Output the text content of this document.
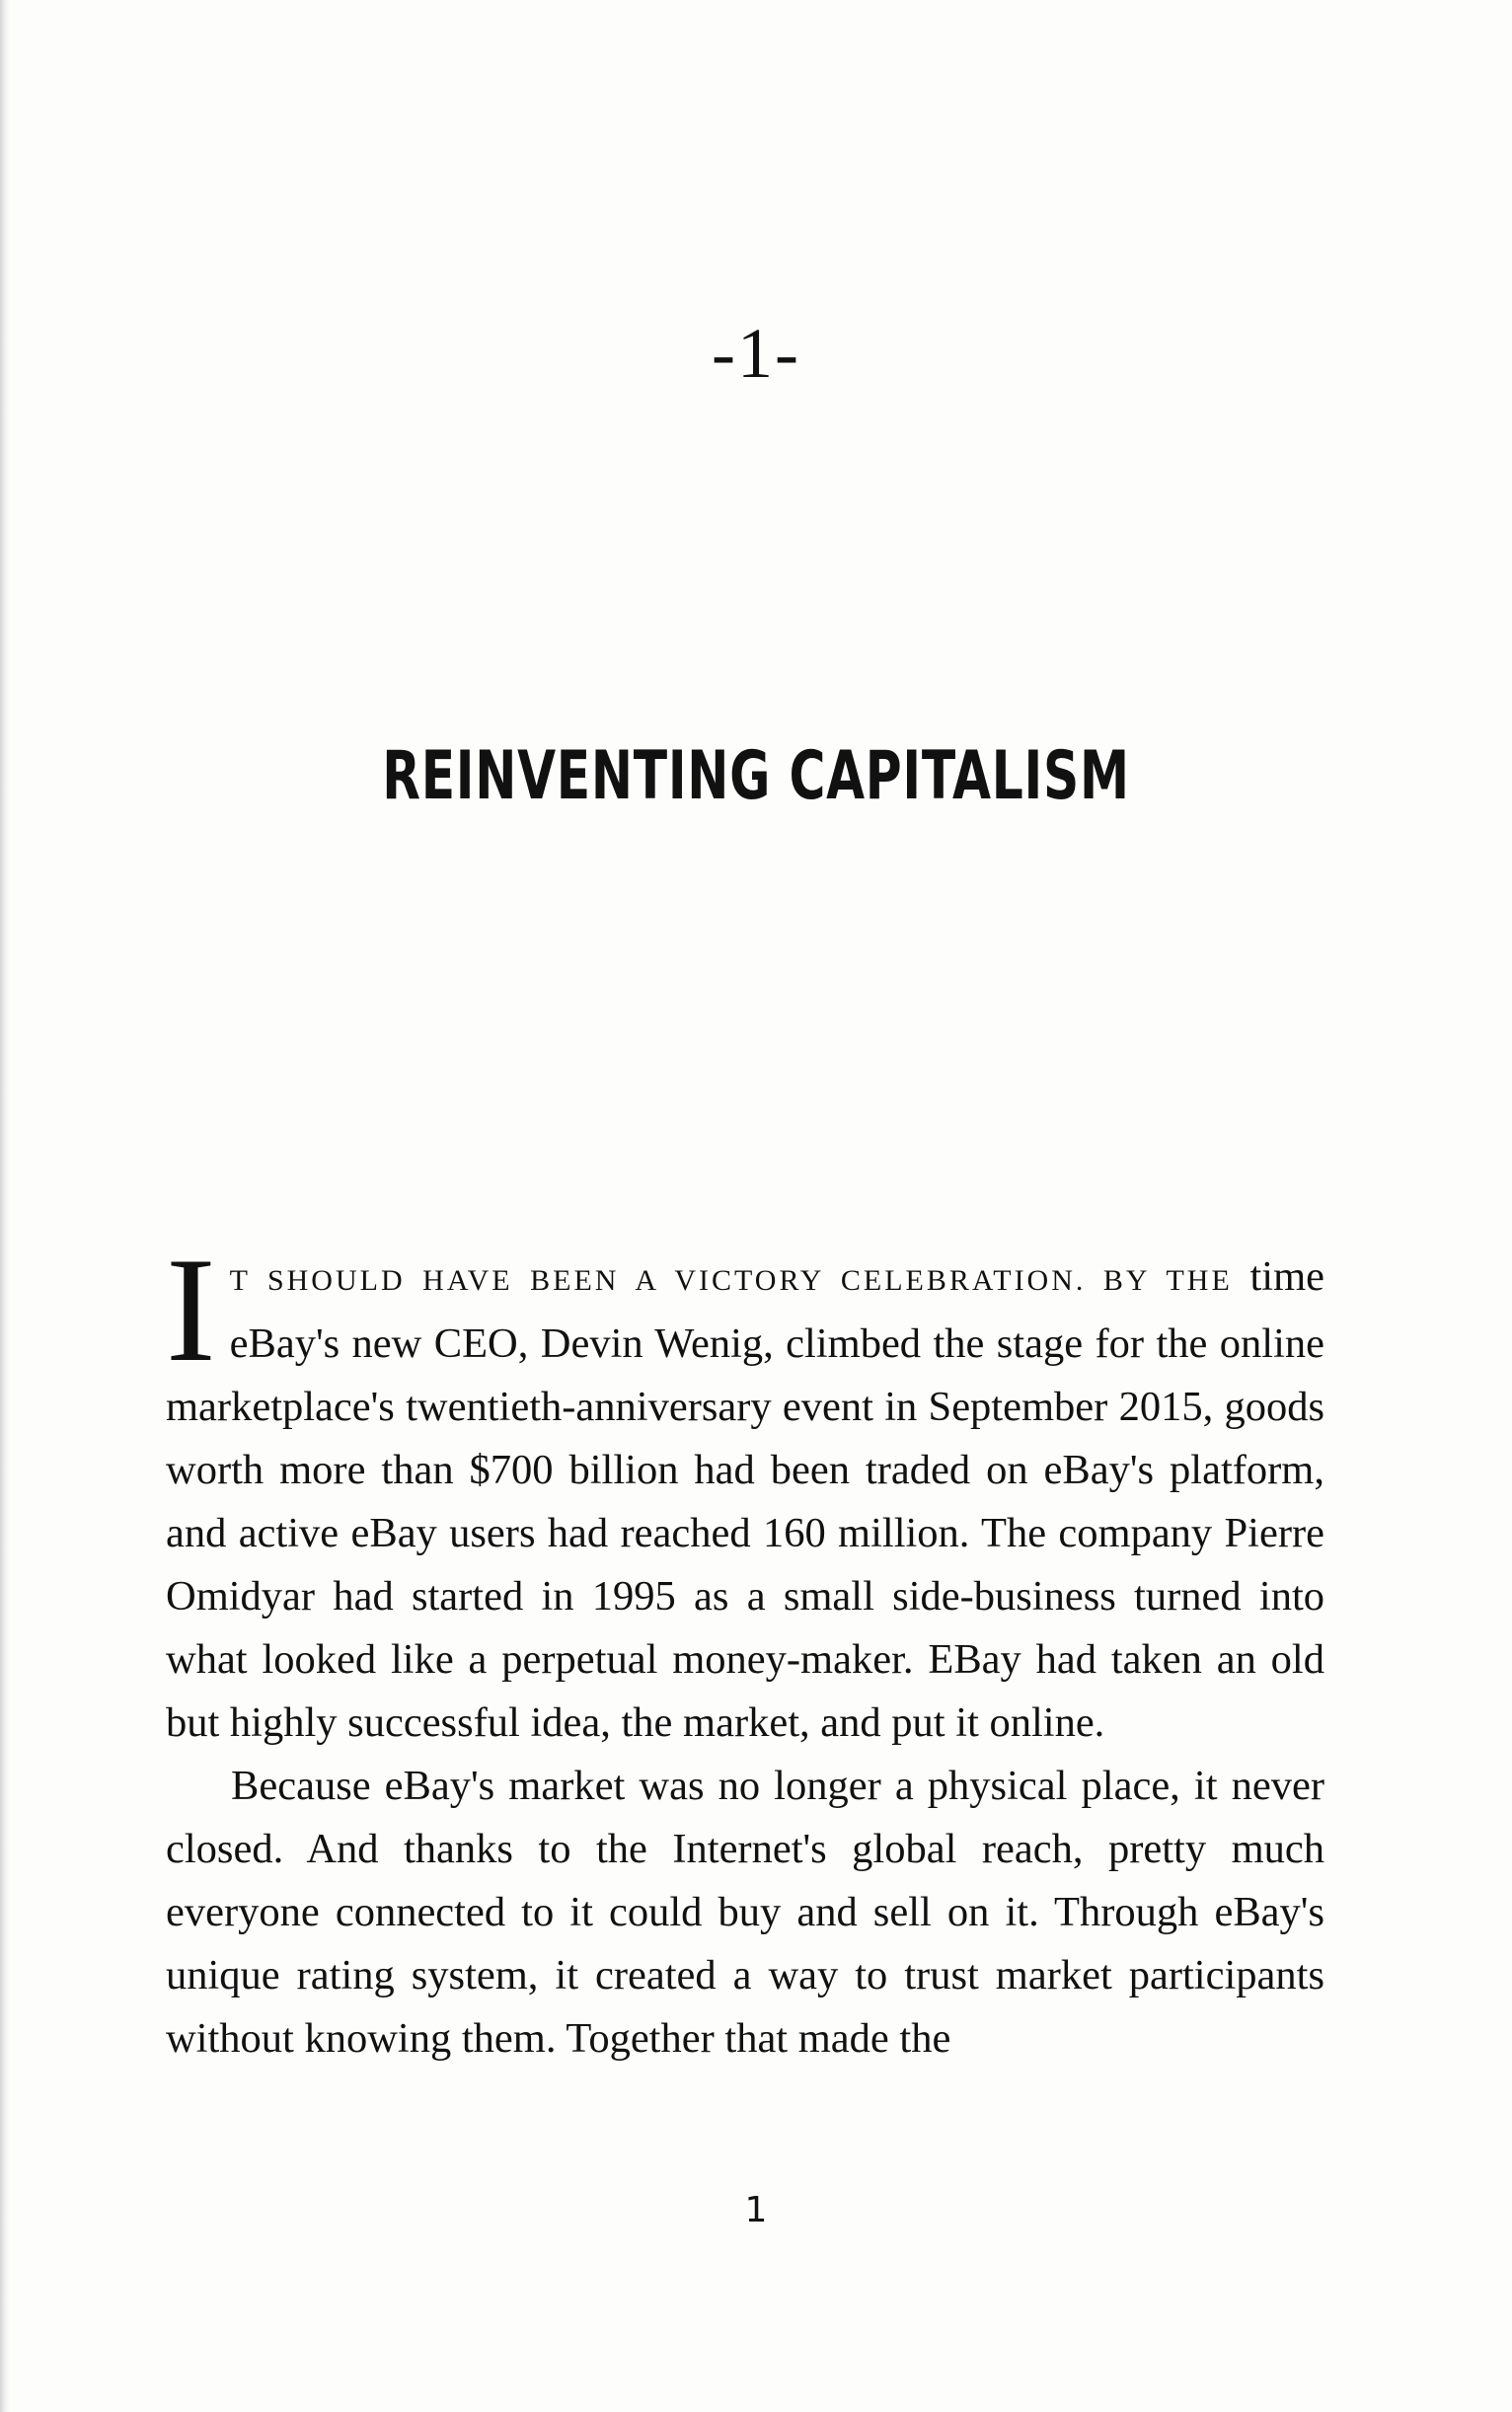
-1-
REINVENTING CAPITALISM

IT SHOULD HAVE BEEN A VICTORY CELEBRATION. BY THE time eBay's new CEO, Devin Wenig, climbed the stage for the online marketplace's twentieth-anniversary event in September 2015, goods worth more than $700 billion had been traded on eBay's platform, and active eBay users had reached 160 million. The company Pierre Omidyar had started in 1995 as a small side-business turned into what looked like a perpetual money-maker. EBay had taken an old but highly successful idea, the market, and put it online.

Because eBay's market was no longer a physical place, it never closed. And thanks to the Internet's global reach, pretty much everyone connected to it could buy and sell on it. Through eBay's unique rating system, it created a way to trust market participants without knowing them. Together that made the

1
